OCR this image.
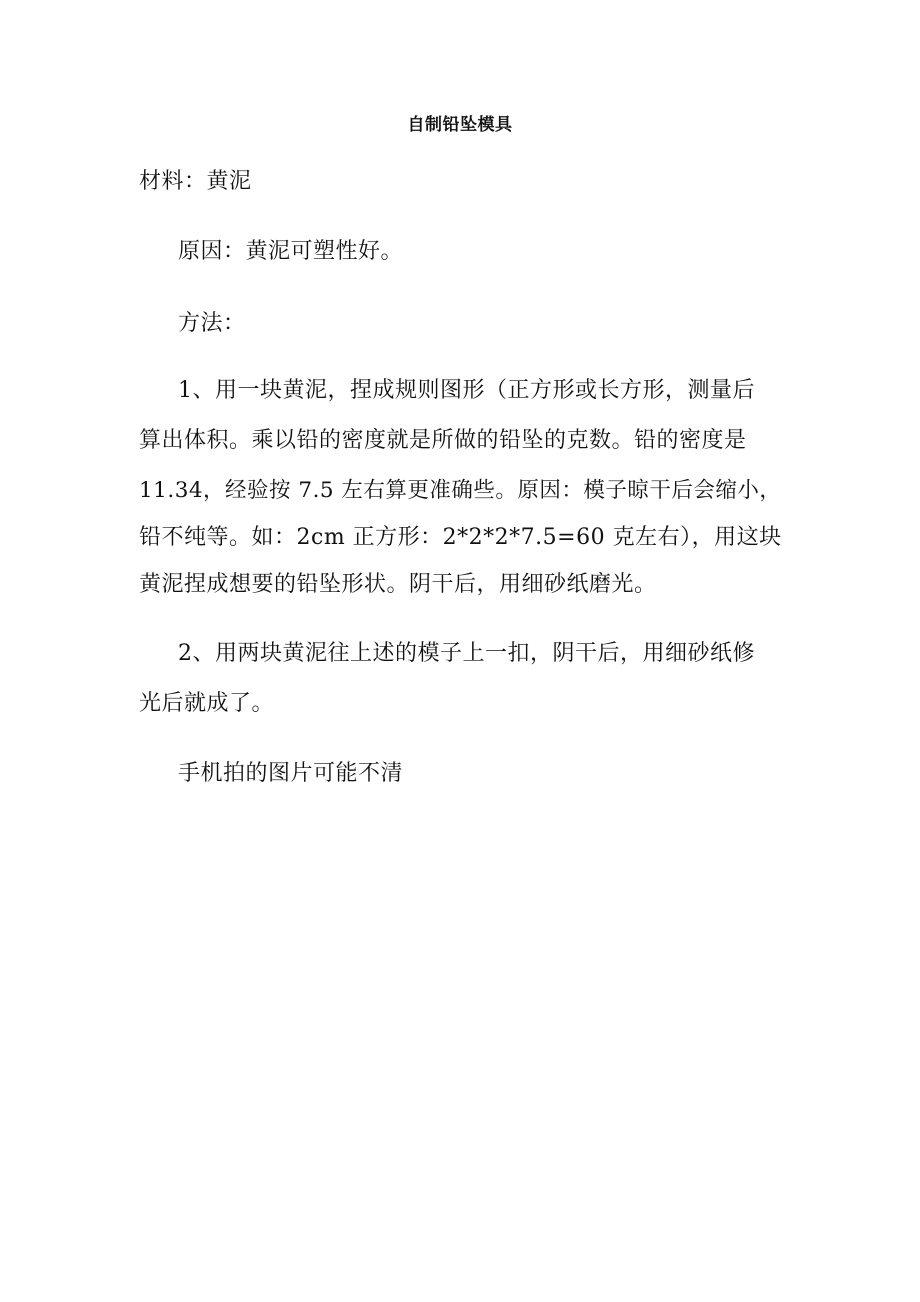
自制铅坠模具
材料：黄泥
原因：黄泥可塑性好。
方法：
1、用一块黄泥，捏成规则图形（正方形或长方形，测量后
算出体积。乘以铅的密度就是所做的铅坠的克数。铅的密度是
11.34，经验按 7.5 左右算更准确些。原因：模子晾干后会缩小，
铅不纯等。如：2cm 正方形：2*2*2*7.5=60 克左右），用这块
黄泥捏成想要的铅坠形状。阴干后，用细砂纸磨光。
2、用两块黄泥往上述的模子上一扣，阴干后，用细砂纸修
光后就成了。
手机拍的图片可能不清
